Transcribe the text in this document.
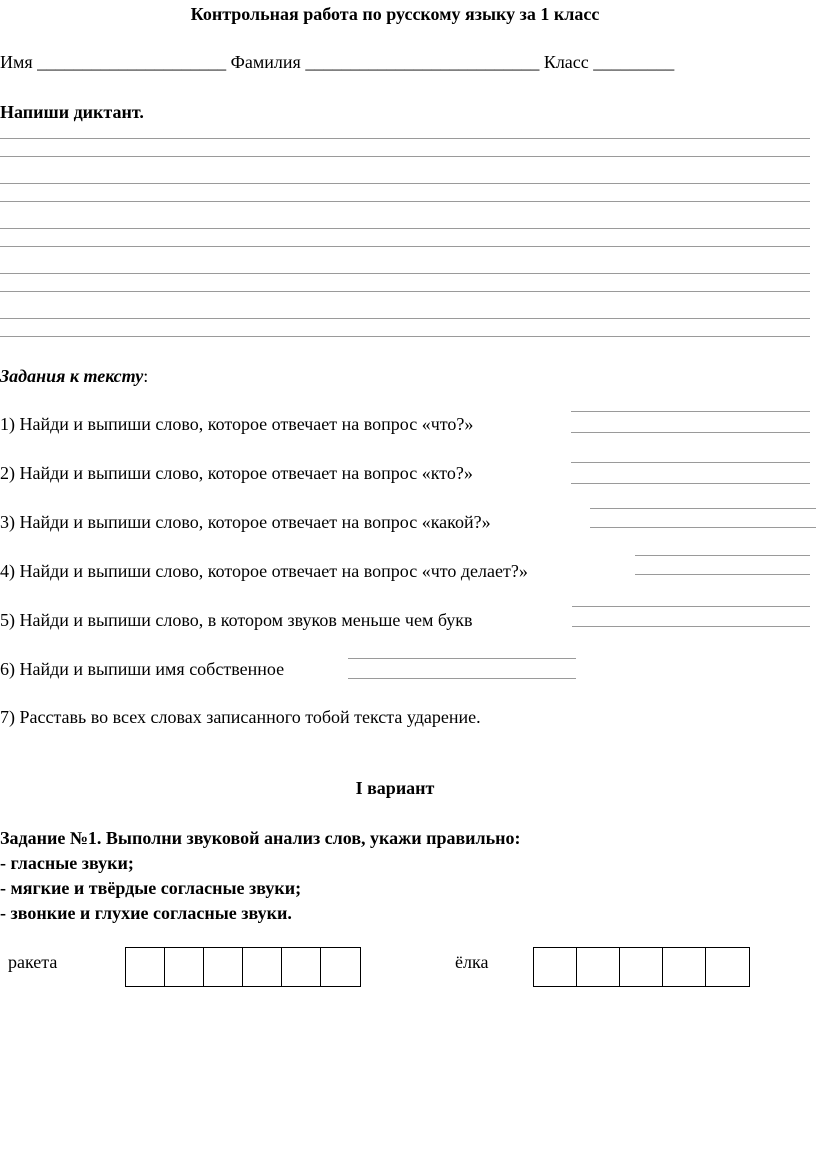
Контрольная работа по русскому языку за 1 класс
Имя _____________________ Фамилия __________________________ Класс _________
Напиши диктант.
Задания к тексту:
1) Найди и выпиши слово, которое отвечает на вопрос «что?»
2) Найди и выпиши слово, которое отвечает на вопрос «кто?»
3) Найди и выпиши слово, которое отвечает на вопрос «какой?»
4) Найди и выпиши слово, которое отвечает на вопрос «что делает?»
5) Найди и выпиши слово, в котором звуков меньше чем букв
6) Найди и выпиши имя собственное
7) Расставь во всех словах записанного тобой текста ударение.
I вариант
Задание №1. Выполни звуковой анализ слов, укажи правильно:
- гласные звуки;
- мягкие и твёрдые согласные звуки;
- звонкие и глухие согласные звуки.
ракета	ёлка
